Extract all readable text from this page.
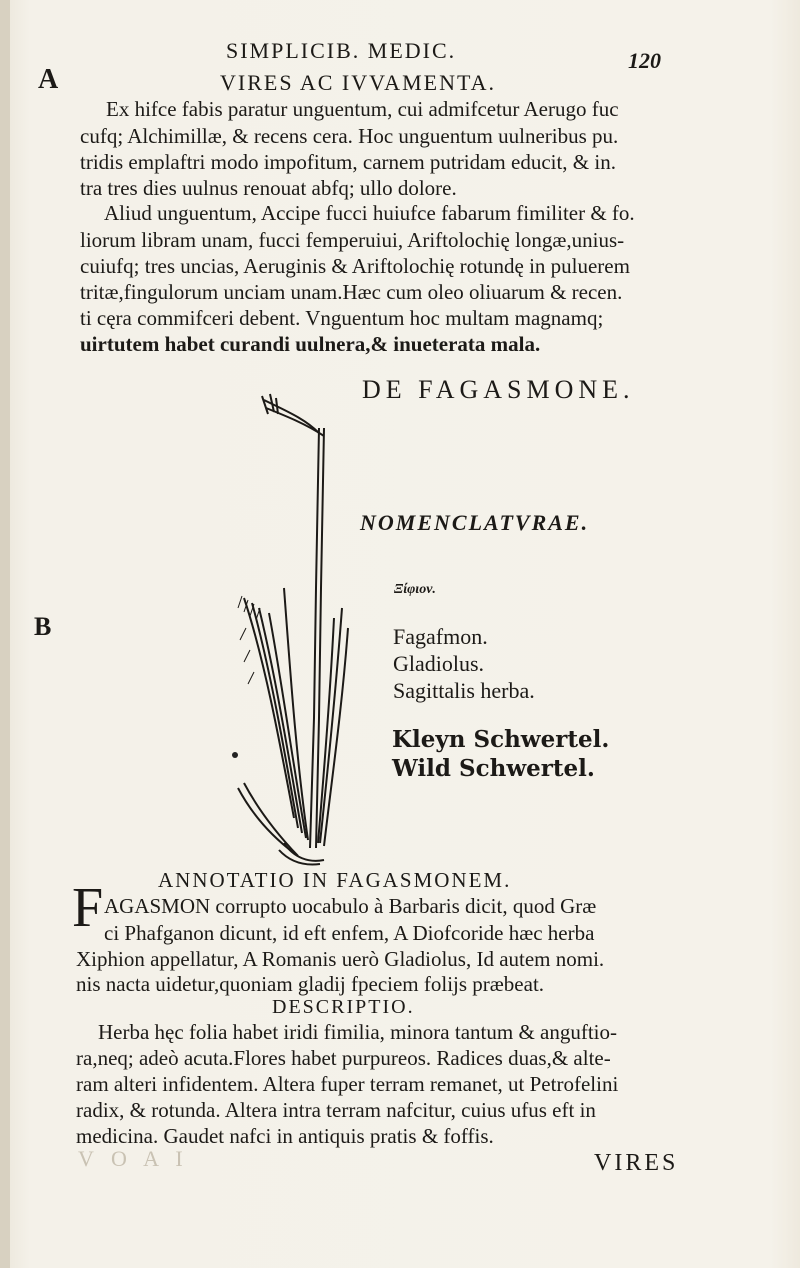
SIMPLICIB. MEDIC.	120
A
B
VIRES AC IVVAMENTA.
Ex hifce fabis paratur unguentum, cui admifcetur Aerugo fuc
cufq; Alchimillæ, & recens cera. Hoc unguentum uulneribus pu.
tridis emplaftri modo impofitum, carnem putridam educit, & in.
tra tres dies uulnus renouat abfq; ullo dolore.
Aliud unguentum, Accipe fucci huiufce fabarum fimiliter & fo.
liorum libram unam, fucci femperuiui, Ariftolochię longæ,unius-
cuiufq; tres uncias, Aeruginis & Ariftolochię rotundę in puluerem
tritæ,fingulorum unciam unam.Hæc cum oleo oliuarum & recen.
ti cęra commifceri debent. Vnguentum hoc multam magnamq;
uirtutem habet curandi uulnera,& inueterata mala.
DE FAGASMONE.
NOMENCLATVRAE.
Ξίφιον.
Fagafmon.
Gladiolus.
Sagittalis herba.
Kleyn Schwertel.
Wild Schwertel.
ANNOTATIO IN FAGASMONEM.
F AGASMON corrupto uocabulo à Barbaris dicit, quod Græ
ci Phafganon dicunt, id eft enfem, A Diofcoride hæc herba
Xiphion appellatur, A Romanis uerò Gladiolus, Id autem nomi.
nis nacta uidetur,quoniam gladij fpeciem folijs præbeat.
DESCRIPTIO.
Herba hęc folia habet iridi fimilia, minora tantum & anguftio-
ra,neq; adeò acuta.Flores habet purpureos. Radices duas,& alte-
ram alteri infidentem. Altera fuper terram remanet, ut Petrofelini
radix, & rotunda. Altera intra terram nafcitur, cuius ufus eft in
medicina. Gaudet nafci in antiquis pratis & foffis.
V O A I	VIRES
